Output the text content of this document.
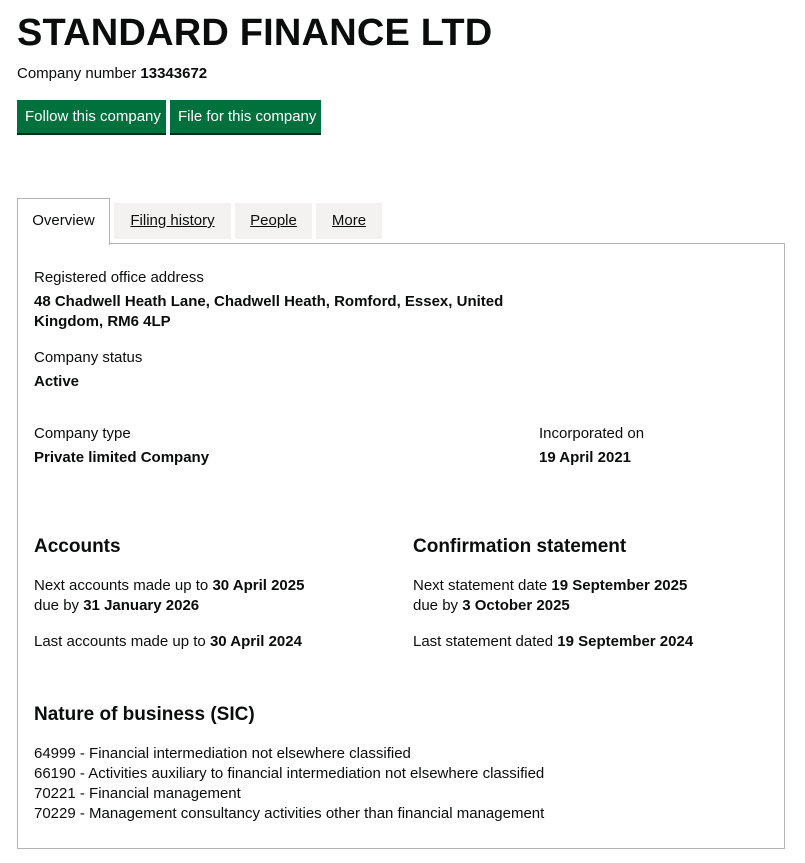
STANDARD FINANCE LTD
Company number 13343672
Follow this company	File for this company
Overview	Filing history	People	More
Registered office address
48 Chadwell Heath Lane, Chadwell Heath, Romford, Essex, United
Kingdom, RM6 4LP
Company status
Active
Company type
Private limited Company
Incorporated on
19 April 2021
Accounts
Next accounts made up to 30 April 2025
due by 31 January 2026
Last accounts made up to 30 April 2024
Confirmation statement
Next statement date 19 September 2025
due by 3 October 2025
Last statement dated 19 September 2024
Nature of business (SIC)
64999 - Financial intermediation not elsewhere classified
66190 - Activities auxiliary to financial intermediation not elsewhere classified
70221 - Financial management
70229 - Management consultancy activities other than financial management
